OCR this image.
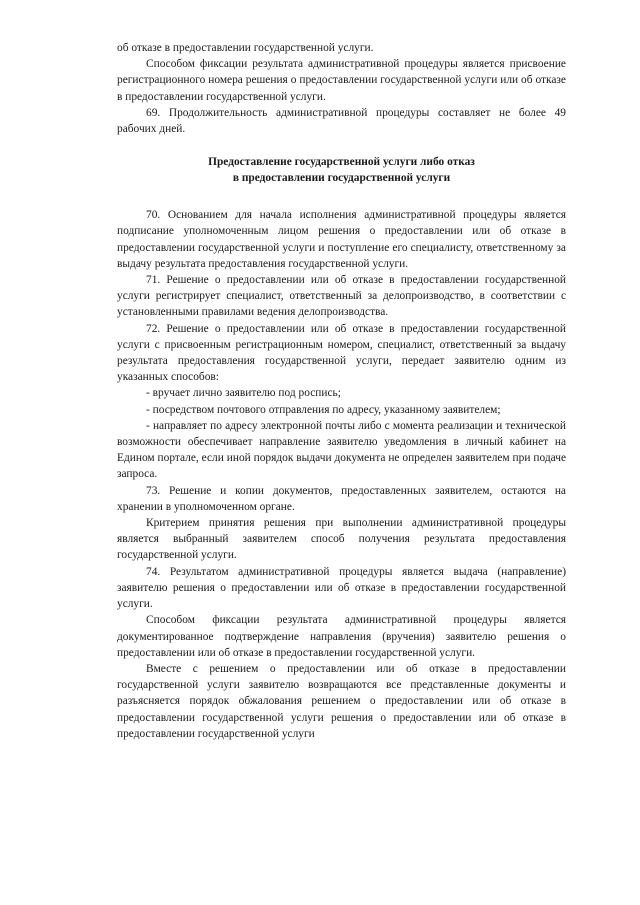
об отказе в предоставлении государственной услуги.

Способом фиксации результата административной процедуры является присвоение регистрационного номера решения о предоставлении государственной услуги или об отказе в предоставлении государственной услуги.

69. Продолжительность административной процедуры составляет не более 49 рабочих дней.

Предоставление государственной услуги либо отказ
в предоставлении государственной услуги

70. Основанием для начала исполнения административной процедуры является подписание уполномоченным лицом решения о предоставлении или об отказе в предоставлении государственной услуги и поступление его специалисту, ответственному за выдачу результата предоставления государственной услуги.

71. Решение о предоставлении или об отказе в предоставлении государственной услуги регистрирует специалист, ответственный за делопроизводство, в соответствии с установленными правилами ведения делопроизводства.

72. Решение о предоставлении или об отказе в предоставлении государственной услуги с присвоенным регистрационным номером, специалист, ответственный за выдачу результата предоставления государственной услуги, передает заявителю одним из указанных способов:

- вручает лично заявителю под роспись;

- посредством почтового отправления по адресу, указанному заявителем;

- направляет по адресу электронной почты либо с момента реализации и технической возможности обеспечивает направление заявителю уведомления в личный кабинет на Едином портале, если иной порядок выдачи документа не определен заявителем при подаче запроса.

73. Решение и копии документов, предоставленных заявителем, остаются на хранении в уполномоченном органе.

Критерием принятия решения при выполнении административной процедуры является выбранный заявителем способ получения результата предоставления государственной услуги.

74. Результатом административной процедуры является выдача (направление) заявителю решения о предоставлении или об отказе в предоставлении государственной услуги.

Способом фиксации результата административной процедуры является документированное подтверждение направления (вручения) заявителю решения о предоставлении или об отказе в предоставлении государственной услуги.

Вместе с решением о предоставлении или об отказе в предоставлении государственной услуги заявителю возвращаются все представленные документы и разъясняется порядок обжалования решением о предоставлении или об отказе в предоставлении государственной услуги решения о предоставлении или об отказе в предоставлении государственной услуги
